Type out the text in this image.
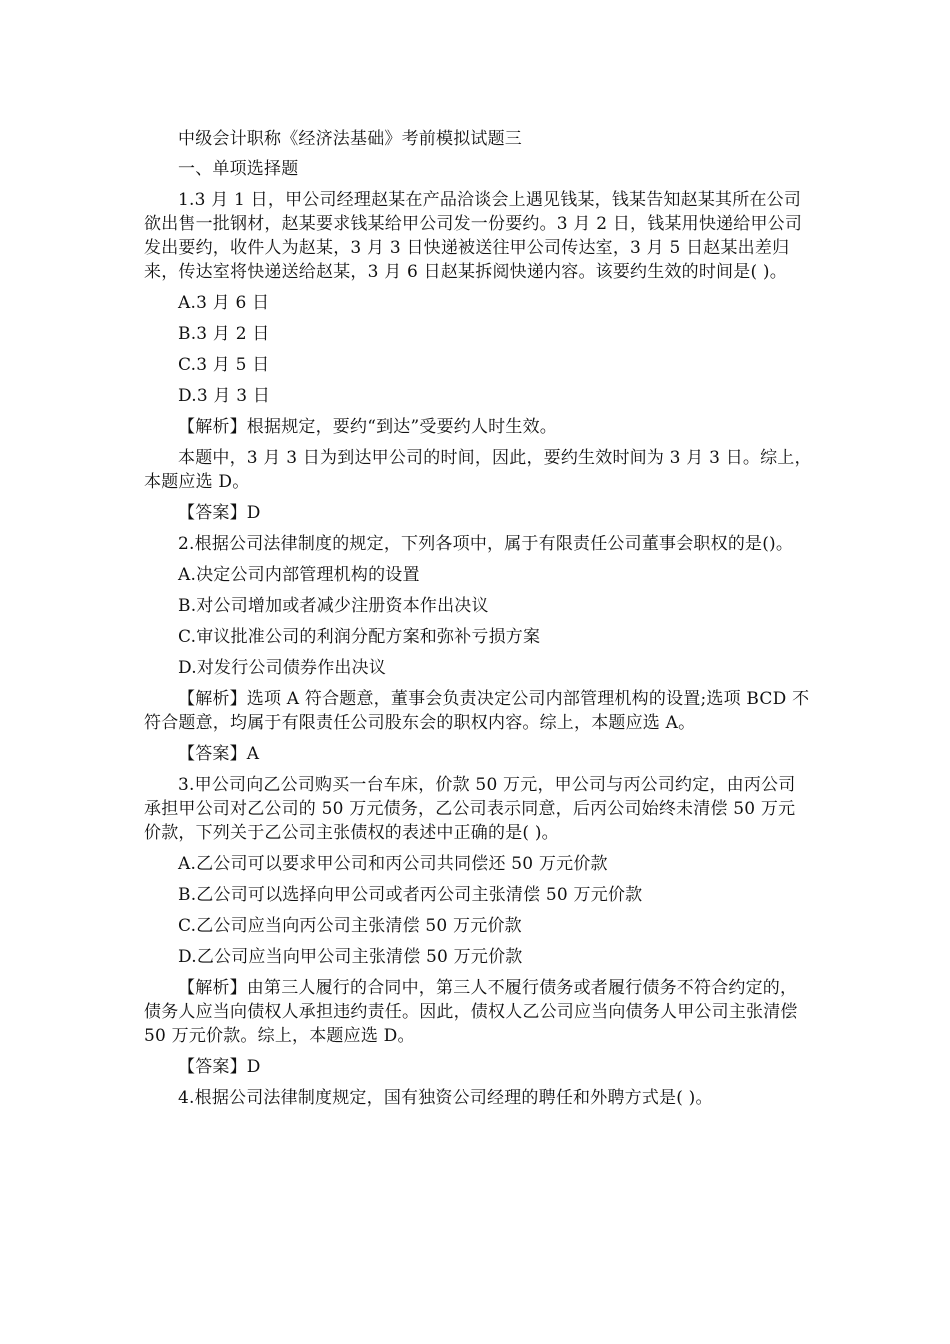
中级会计职称《经济法基础》考前模拟试题三

一、单项选择题

1.3 月 1 日，甲公司经理赵某在产品洽谈会上遇见钱某，钱某告知赵某其所在公司欲出售一批钢材，赵某要求钱某给甲公司发一份要约。3 月 2 日，钱某用快递给甲公司发出要约，收件人为赵某，3 月 3 日快递被送往甲公司传达室，3 月 5 日赵某出差归来，传达室将快递送给赵某，3 月 6 日赵某拆阅快递内容。该要约生效的时间是( )。

A.3 月 6 日

B.3 月 2 日

C.3 月 5 日

D.3 月 3 日

【解析】根据规定，要约“到达”受要约人时生效。

本题中，3 月 3 日为到达甲公司的时间，因此，要约生效时间为 3 月 3 日。综上，本题应选 D。

【答案】D

2.根据公司法律制度的规定，下列各项中，属于有限责任公司董事会职权的是()。

A.决定公司内部管理机构的设置

B.对公司增加或者减少注册资本作出决议

C.审议批准公司的利润分配方案和弥补亏损方案

D.对发行公司债券作出决议

【解析】选项 A 符合题意，董事会负责决定公司内部管理机构的设置;选项 BCD 不符合题意，均属于有限责任公司股东会的职权内容。综上，本题应选 A。

【答案】A

3.甲公司向乙公司购买一台车床，价款 50 万元，甲公司与丙公司约定，由丙公司承担甲公司对乙公司的 50 万元债务，乙公司表示同意，后丙公司始终未清偿 50 万元价款，下列关于乙公司主张债权的表述中正确的是( )。

A.乙公司可以要求甲公司和丙公司共同偿还 50 万元价款

B.乙公司可以选择向甲公司或者丙公司主张清偿 50 万元价款

C.乙公司应当向丙公司主张清偿 50 万元价款

D.乙公司应当向甲公司主张清偿 50 万元价款

【解析】由第三人履行的合同中，第三人不履行债务或者履行债务不符合约定的，债务人应当向债权人承担违约责任。因此，债权人乙公司应当向债务人甲公司主张清偿 50 万元价款。综上，本题应选 D。

【答案】D

4.根据公司法律制度规定，国有独资公司经理的聘任和外聘方式是( )。
